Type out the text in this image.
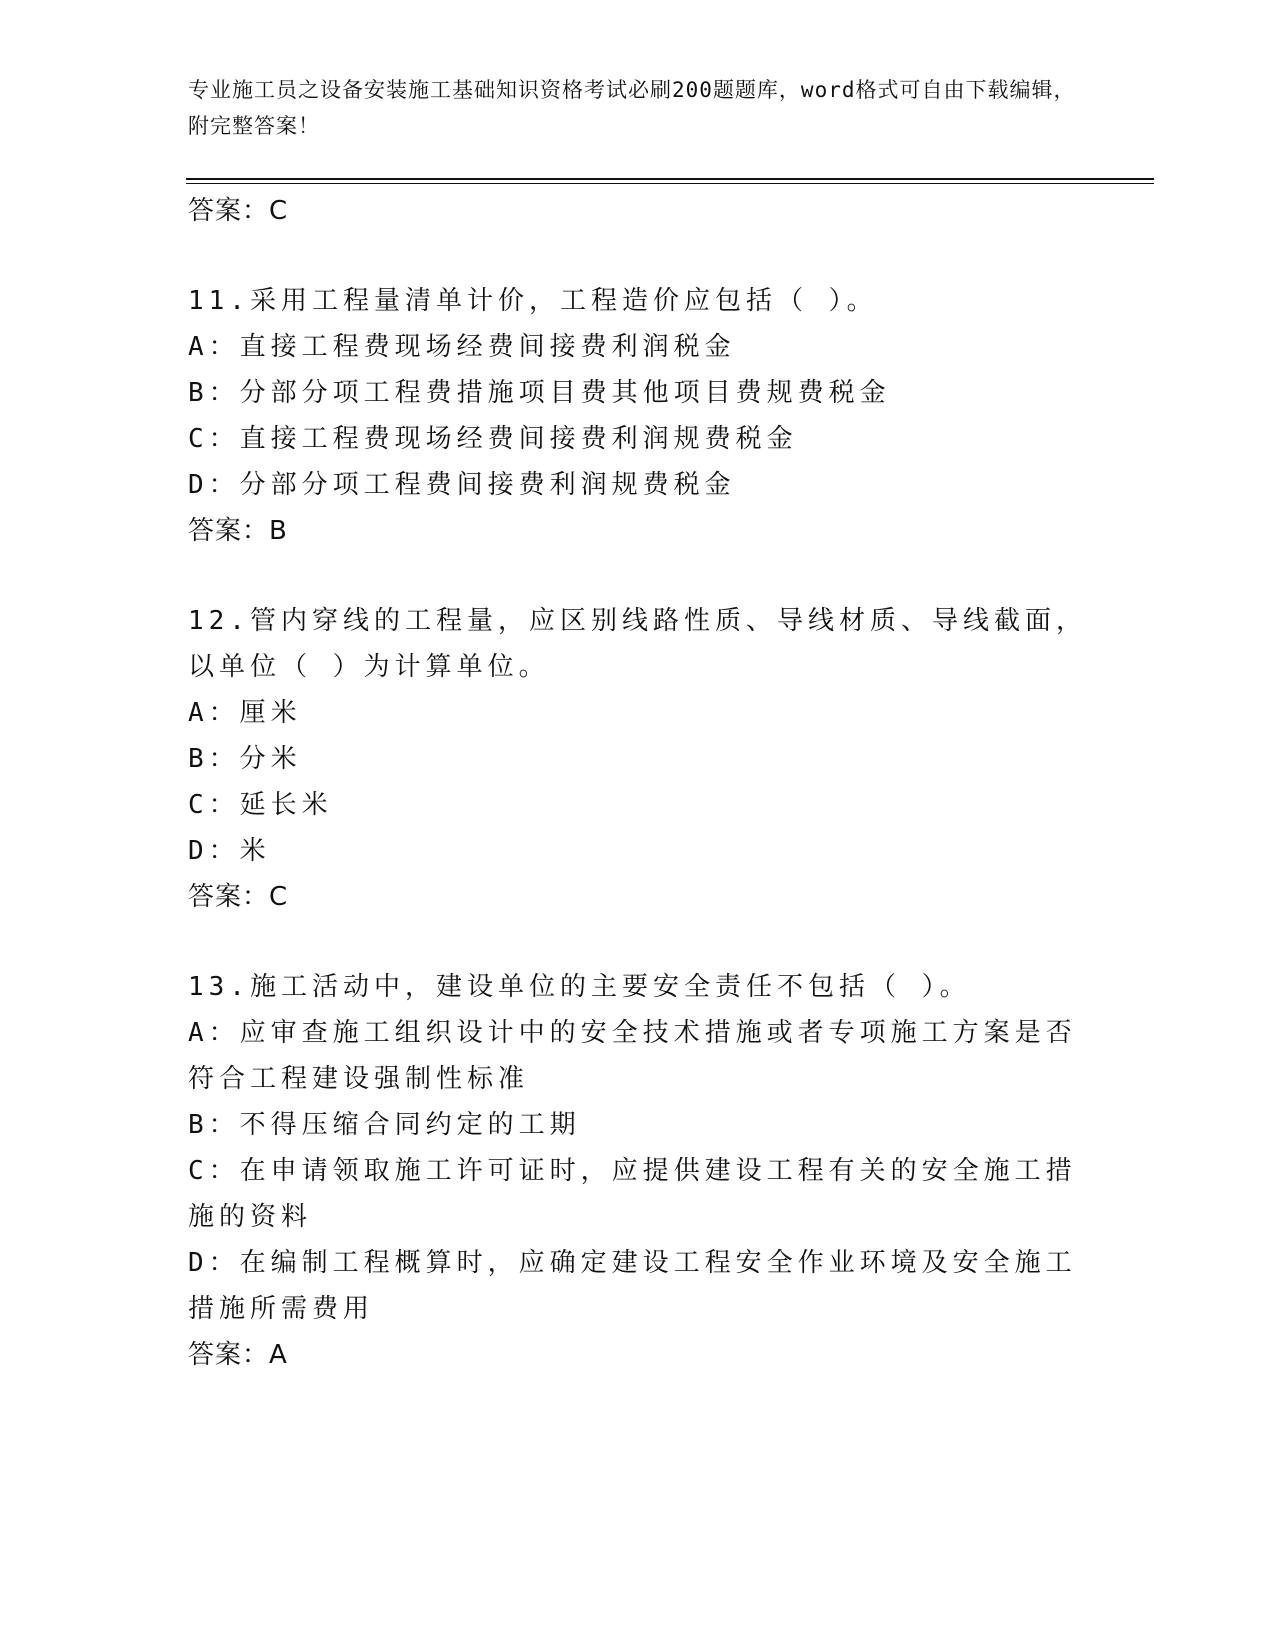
专业施工员之设备安装施工基础知识资格考试必刷200题题库，word格式可自由下载编辑，附完整答案！
答案：C
11.采用工程量清单计价，工程造价应包括（ ）。
A：直接工程费现场经费间接费利润税金
B：分部分项工程费措施项目费其他项目费规费税金
C：直接工程费现场经费间接费利润规费税金
D：分部分项工程费间接费利润规费税金
答案：B
12.管内穿线的工程量，应区别线路性质、导线材质、导线截面，以单位（ ）为计算单位。
A：厘米
B：分米
C：延长米
D：米
答案：C
13.施工活动中，建设单位的主要安全责任不包括（ ）。
A：应审查施工组织设计中的安全技术措施或者专项施工方案是否符合工程建设强制性标准
B：不得压缩合同约定的工期
C：在申请领取施工许可证时，应提供建设工程有关的安全施工措施的资料
D：在编制工程概算时，应确定建设工程安全作业环境及安全施工措施所需费用
答案：A
